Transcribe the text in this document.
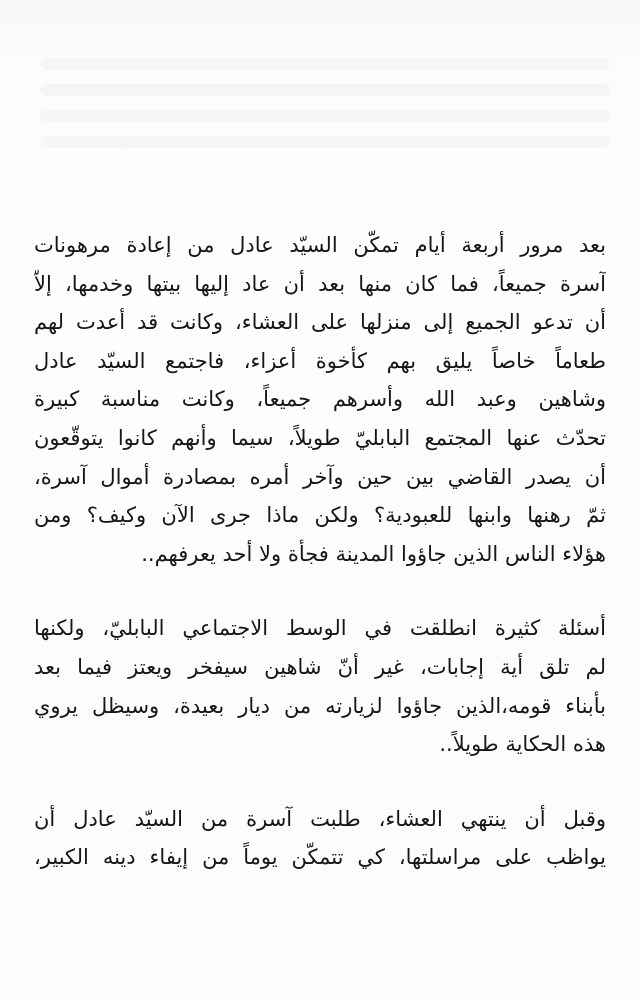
بعد مرور أربعة أيام تمكّن السيّد عادل من إعادة مرهونات
آسرة جميعاً، فما كان منها بعد أن عاد إليها بيتها وخدمها، إلاّ
أن تدعو الجميع إلى منزلها على العشاء، وكانت قد أعدت لهم
طعاماً خاصاً يليق بهم كأخوة أعزاء، فاجتمع السيّد عادل
وشاهين وعبد الله وأسرهم جميعاً، وكانت مناسبة كبيرة
تحدّث عنها المجتمع البابليّ طويلاً، سيما وأنهم كانوا يتوقّعون
أن يصدر القاضي بين حين وآخر أمره بمصادرة أموال آسرة،
ثمّ رهنها وابنها للعبودية؟ ولكن ماذا جرى الآن وكيف؟ ومن
هؤلاء الناس الذين جاؤوا المدينة فجأة ولا أحد يعرفهم..

أسئلة كثيرة انطلقت في الوسط الاجتماعي البابليّ، ولكنها
لم تلق أية إجابات، غير أنّ شاهين سيفخر ويعتز فيما بعد
بأبناء قومه،الذين جاؤوا لزيارته من ديار بعيدة، وسيظل يروي
هذه الحكاية طويلاً..

وقبل أن ينتهي العشاء، طلبت آسرة من السيّد عادل أن
يواظب على مراسلتها، كي تتمكّن يوماً من إيفاء دينه الكبير،
